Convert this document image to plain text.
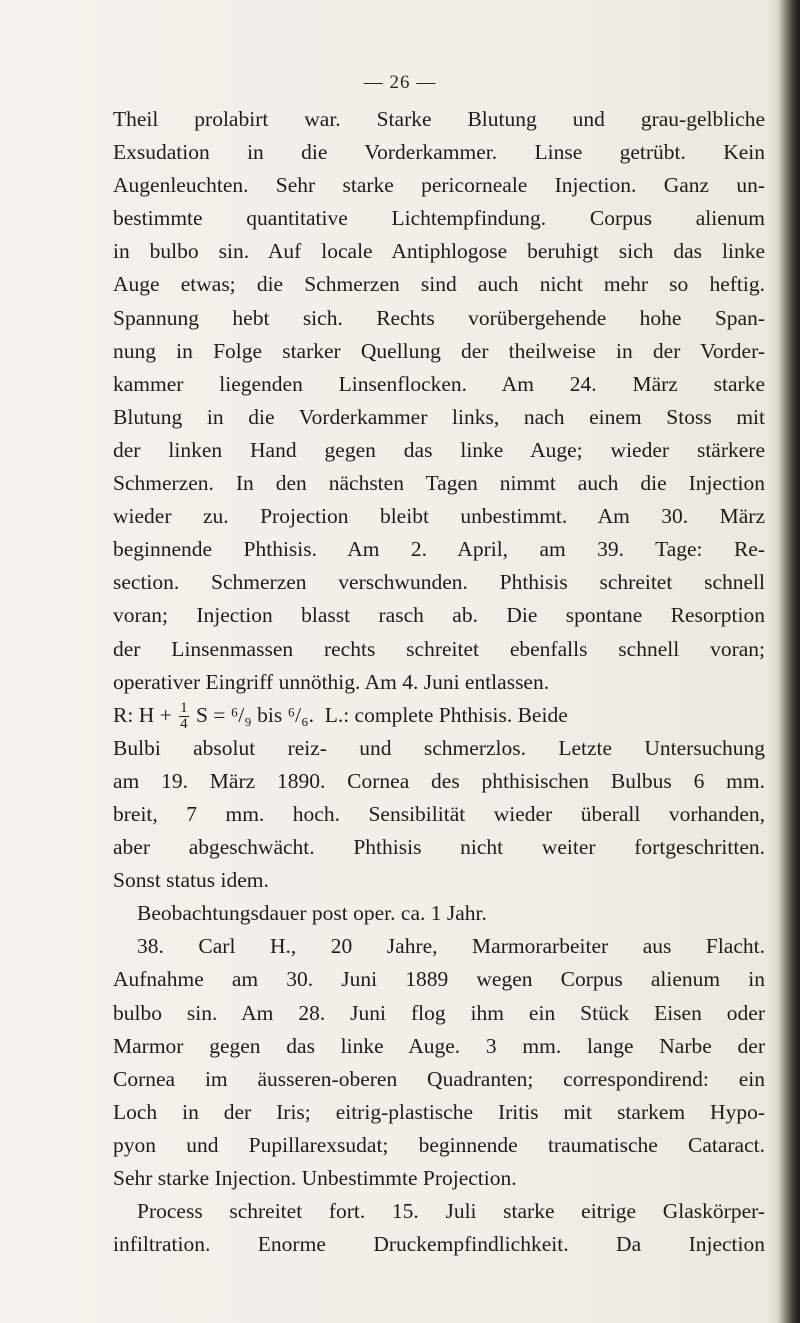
— 26 —
Theil prolabirt war. Starke Blutung und grau-gelbliche
Exsudation in die Vorderkammer. Linse getrübt. Kein
Augenleuchten. Sehr starke pericorneale Injection. Ganz un-
bestimmte quantitative Lichtempfindung. Corpus alienum
in bulbo sin. Auf locale Antiphlogose beruhigt sich das linke
Auge etwas; die Schmerzen sind auch nicht mehr so heftig.
Spannung hebt sich. Rechts vorübergehende hohe Span-
nung in Folge starker Quellung der theilweise in der Vorder-
kammer liegenden Linsenflocken. Am 24. März starke
Blutung in die Vorderkammer links, nach einem Stoss mit
der linken Hand gegen das linke Auge; wieder stärkere
Schmerzen. In den nächsten Tagen nimmt auch die Injection
wieder zu. Projection bleibt unbestimmt. Am 30. März
beginnende Phthisis. Am 2. April, am 39. Tage: Re-
section. Schmerzen verschwunden. Phthisis schreitet schnell
voran; Injection blasst rasch ab. Die spontane Resorption
der Linsenmassen rechts schreitet ebenfalls schnell voran;
operativer Eingriff unnöthig. Am 4. Juni entlassen.
R: $H + \frac{1}{4}$ S = ⁶/₉ bis ⁶/₆. L.: complete Phthisis. Beide
Bulbi absolut reiz- und schmerzlos. Letzte Untersuchung
am 19. März 1890. Cornea des phthisischen Bulbus 6 mm.
breit, 7 mm. hoch. Sensibilität wieder überall vorhanden,
aber abgeschwächt. Phthisis nicht weiter fortgeschritten.
Sonst status idem.
Beobachtungsdauer post oper. ca. 1 Jahr.
38. Carl H., 20 Jahre, Marmorarbeiter aus Flacht.
Aufnahme am 30. Juni 1889 wegen Corpus alienum in
bulbo sin. Am 28. Juni flog ihm ein Stück Eisen oder
Marmor gegen das linke Auge. 3 mm. lange Narbe der
Cornea im äusseren-oberen Quadranten; correspondirend: ein
Loch in der Iris; eitrig-plastische Iritis mit starkem Hypo-
pyon und Pupillarexsudat; beginnende traumatische Cataract.
Sehr starke Injection. Unbestimmte Projection.
Process schreitet fort. 15. Juli starke eitrige Glaskörper-
infiltration. Enorme Druckempfindlichkeit. Da Injection
